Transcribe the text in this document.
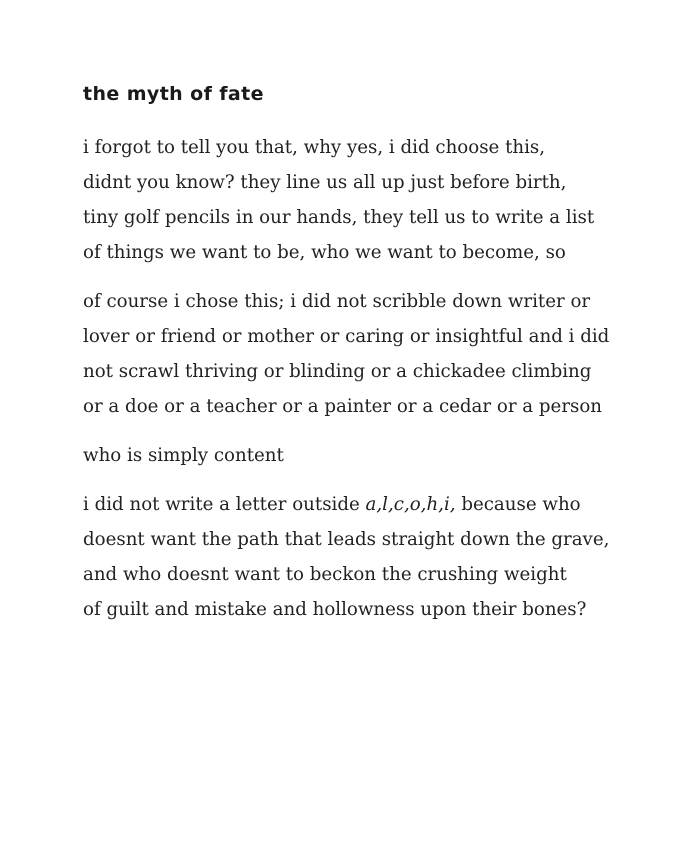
the myth of fate
i forgot to tell you that, why yes, i did choose this,
didnt you know? they line us all up just before birth,
tiny golf pencils in our hands, they tell us to write a list
of things we want to be, who we want to become, so
of course i chose this; i did not scribble down writer or
lover or friend or mother or caring or insightful and i did
not scrawl thriving or blinding or a chickadee climbing
or a doe or a teacher or a painter or a cedar or a person
who is simply content
i did not write a letter outside a,l,c,o,h,i, because who
doesnt want the path that leads straight down the grave,
and who doesnt want to beckon the crushing weight
of guilt and mistake and hollowness upon their bones?
